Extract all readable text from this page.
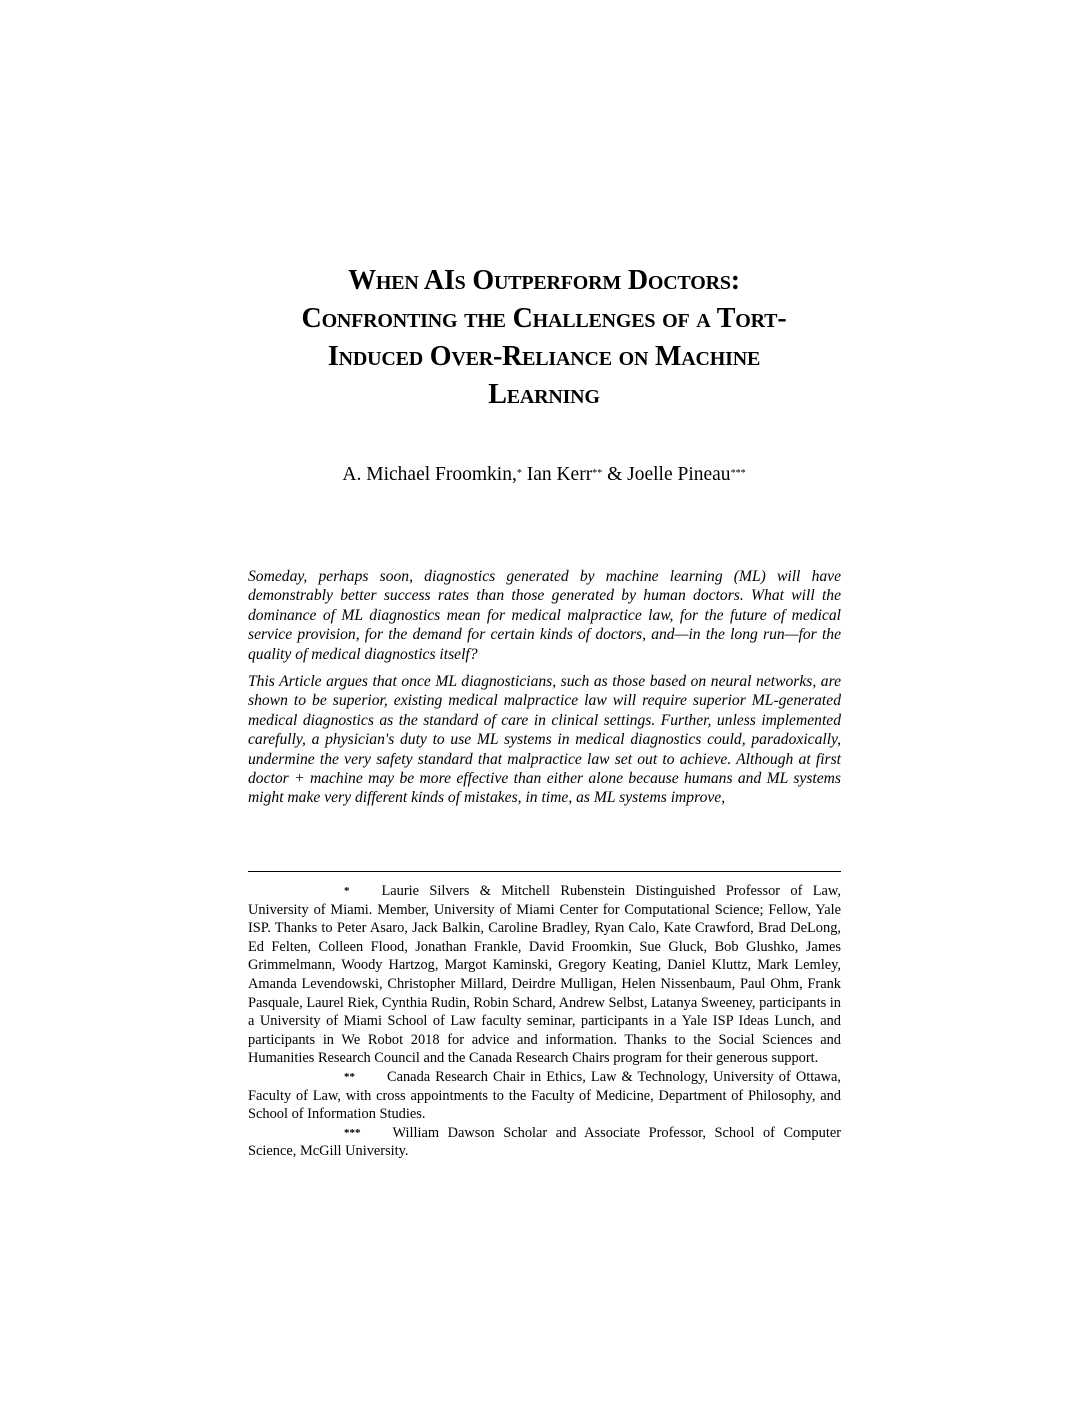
When AIs Outperform Doctors:
Confronting the Challenges of a Tort-
Induced Over-Reliance on Machine
Learning
A. Michael Froomkin,* Ian Kerr** & Joelle Pineau***

Someday, perhaps soon, diagnostics generated by machine learning (ML) will have demonstrably better success rates than those generated by human doctors. What will the dominance of ML diagnostics mean for medical malpractice law, for the future of medical service provision, for the demand for certain kinds of doctors, and—in the long run—for the quality of medical diagnostics itself?

This Article argues that once ML diagnosticians, such as those based on neural networks, are shown to be superior, existing medical malpractice law will require superior ML-generated medical diagnostics as the standard of care in clinical settings. Further, unless implemented carefully, a physician's duty to use ML systems in medical diagnostics could, paradoxically, undermine the very safety standard that malpractice law set out to achieve. Although at first doctor + machine may be more effective than either alone because humans and ML systems might make very different kinds of mistakes, in time, as ML systems improve,

* Laurie Silvers & Mitchell Rubenstein Distinguished Professor of Law, University of Miami. Member, University of Miami Center for Computational Science; Fellow, Yale ISP. Thanks to Peter Asaro, Jack Balkin, Caroline Bradley, Ryan Calo, Kate Crawford, Brad DeLong, Ed Felten, Colleen Flood, Jonathan Frankle, David Froomkin, Sue Gluck, Bob Glushko, James Grimmelmann, Woody Hartzog, Margot Kaminski, Gregory Keating, Daniel Kluttz, Mark Lemley, Amanda Levendowski, Christopher Millard, Deirdre Mulligan, Helen Nissenbaum, Paul Ohm, Frank Pasquale, Laurel Riek, Cynthia Rudin, Robin Schard, Andrew Selbst, Latanya Sweeney, participants in a University of Miami School of Law faculty seminar, participants in a Yale ISP Ideas Lunch, and participants in We Robot 2018 for advice and information. Thanks to the Social Sciences and Humanities Research Council and the Canada Research Chairs program for their generous support.

** Canada Research Chair in Ethics, Law & Technology, University of Ottawa, Faculty of Law, with cross appointments to the Faculty of Medicine, Department of Philosophy, and School of Information Studies.

*** William Dawson Scholar and Associate Professor, School of Computer Science, McGill University.
